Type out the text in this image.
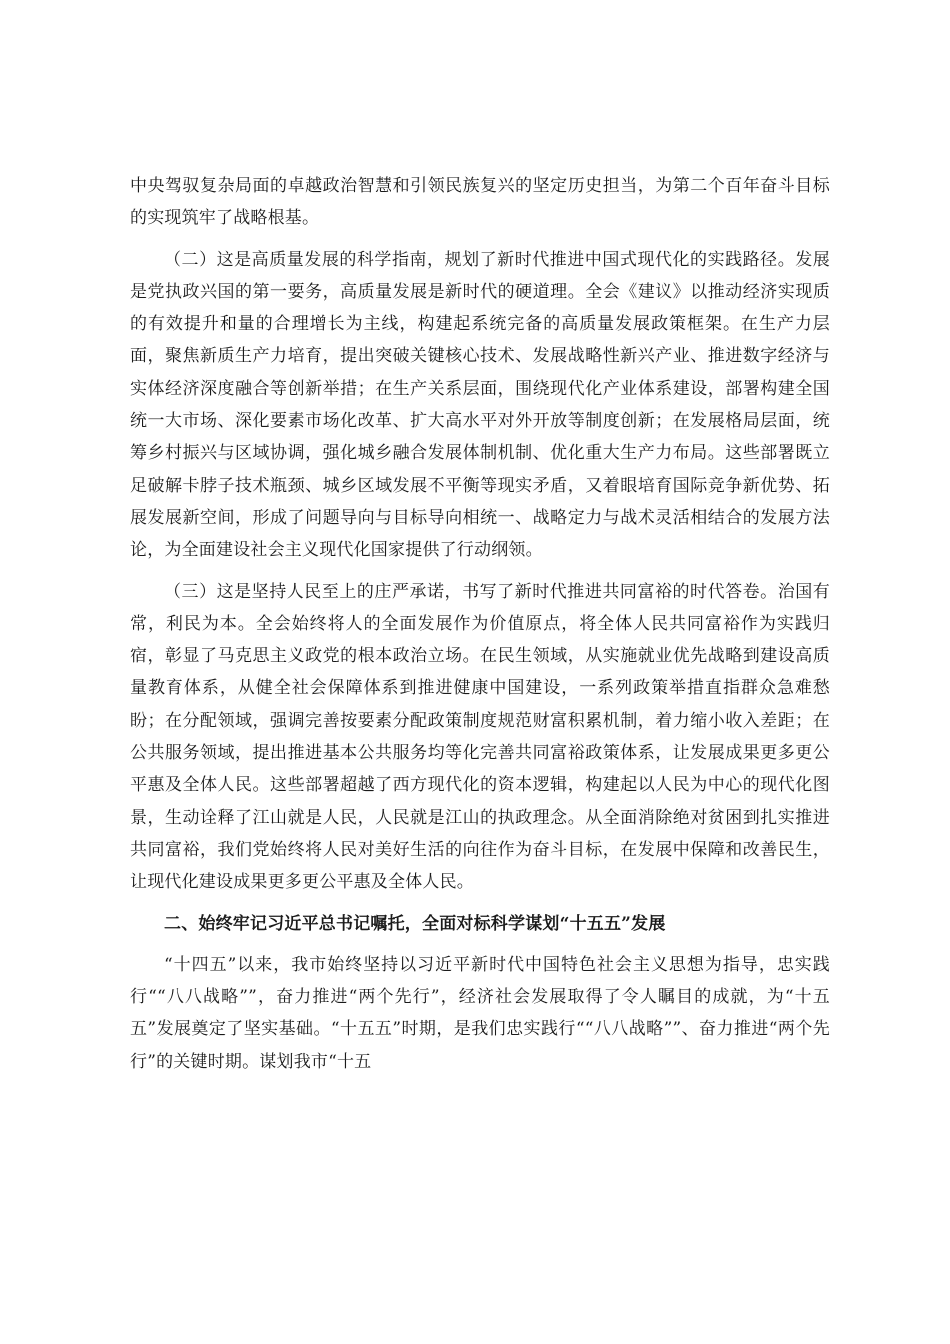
中央驾驭复杂局面的卓越政治智慧和引领民族复兴的坚定历史担当，为第二个百年奋斗目标的实现筑牢了战略根基。

（二）这是高质量发展的科学指南，规划了新时代推进中国式现代化的实践路径。发展是党执政兴国的第一要务，高质量发展是新时代的硬道理。全会《建议》以推动经济实现质的有效提升和量的合理增长为主线，构建起系统完备的高质量发展政策框架。在生产力层面，聚焦新质生产力培育，提出突破关键核心技术、发展战略性新兴产业、推进数字经济与实体经济深度融合等创新举措；在生产关系层面，围绕现代化产业体系建设，部署构建全国统一大市场、深化要素市场化改革、扩大高水平对外开放等制度创新；在发展格局层面，统筹乡村振兴与区域协调，强化城乡融合发展体制机制、优化重大生产力布局。这些部署既立足破解卡脖子技术瓶颈、城乡区域发展不平衡等现实矛盾，又着眼培育国际竞争新优势、拓展发展新空间，形成了问题导向与目标导向相统一、战略定力与战术灵活相结合的发展方法论，为全面建设社会主义现代化国家提供了行动纲领。

（三）这是坚持人民至上的庄严承诺，书写了新时代推进共同富裕的时代答卷。治国有常，利民为本。全会始终将人的全面发展作为价值原点，将全体人民共同富裕作为实践归宿，彰显了马克思主义政党的根本政治立场。在民生领域，从实施就业优先战略到建设高质量教育体系，从健全社会保障体系到推进健康中国建设，一系列政策举措直指群众急难愁盼；在分配领域，强调完善按要素分配政策制度规范财富积累机制，着力缩小收入差距；在公共服务领域，提出推进基本公共服务均等化完善共同富裕政策体系，让发展成果更多更公平惠及全体人民。这些部署超越了西方现代化的资本逻辑，构建起以人民为中心的现代化图景，生动诠释了江山就是人民，人民就是江山的执政理念。从全面消除绝对贫困到扎实推进共同富裕，我们党始终将人民对美好生活的向往作为奋斗目标，在发展中保障和改善民生，让现代化建设成果更多更公平惠及全体人民。

二、始终牢记习近平总书记嘱托，全面对标科学谋划“十五五”发展

“十四五”以来，我市始终坚持以习近平新时代中国特色社会主义思想为指导，忠实践行““八八战略””，奋力推进“两个先行”，经济社会发展取得了令人瞩目的成就，为“十五五”发展奠定了坚实基础。“十五五”时期，是我们忠实践行““八八战略””、奋力推进“两个先行”的关键时期。谋划我市“十五
